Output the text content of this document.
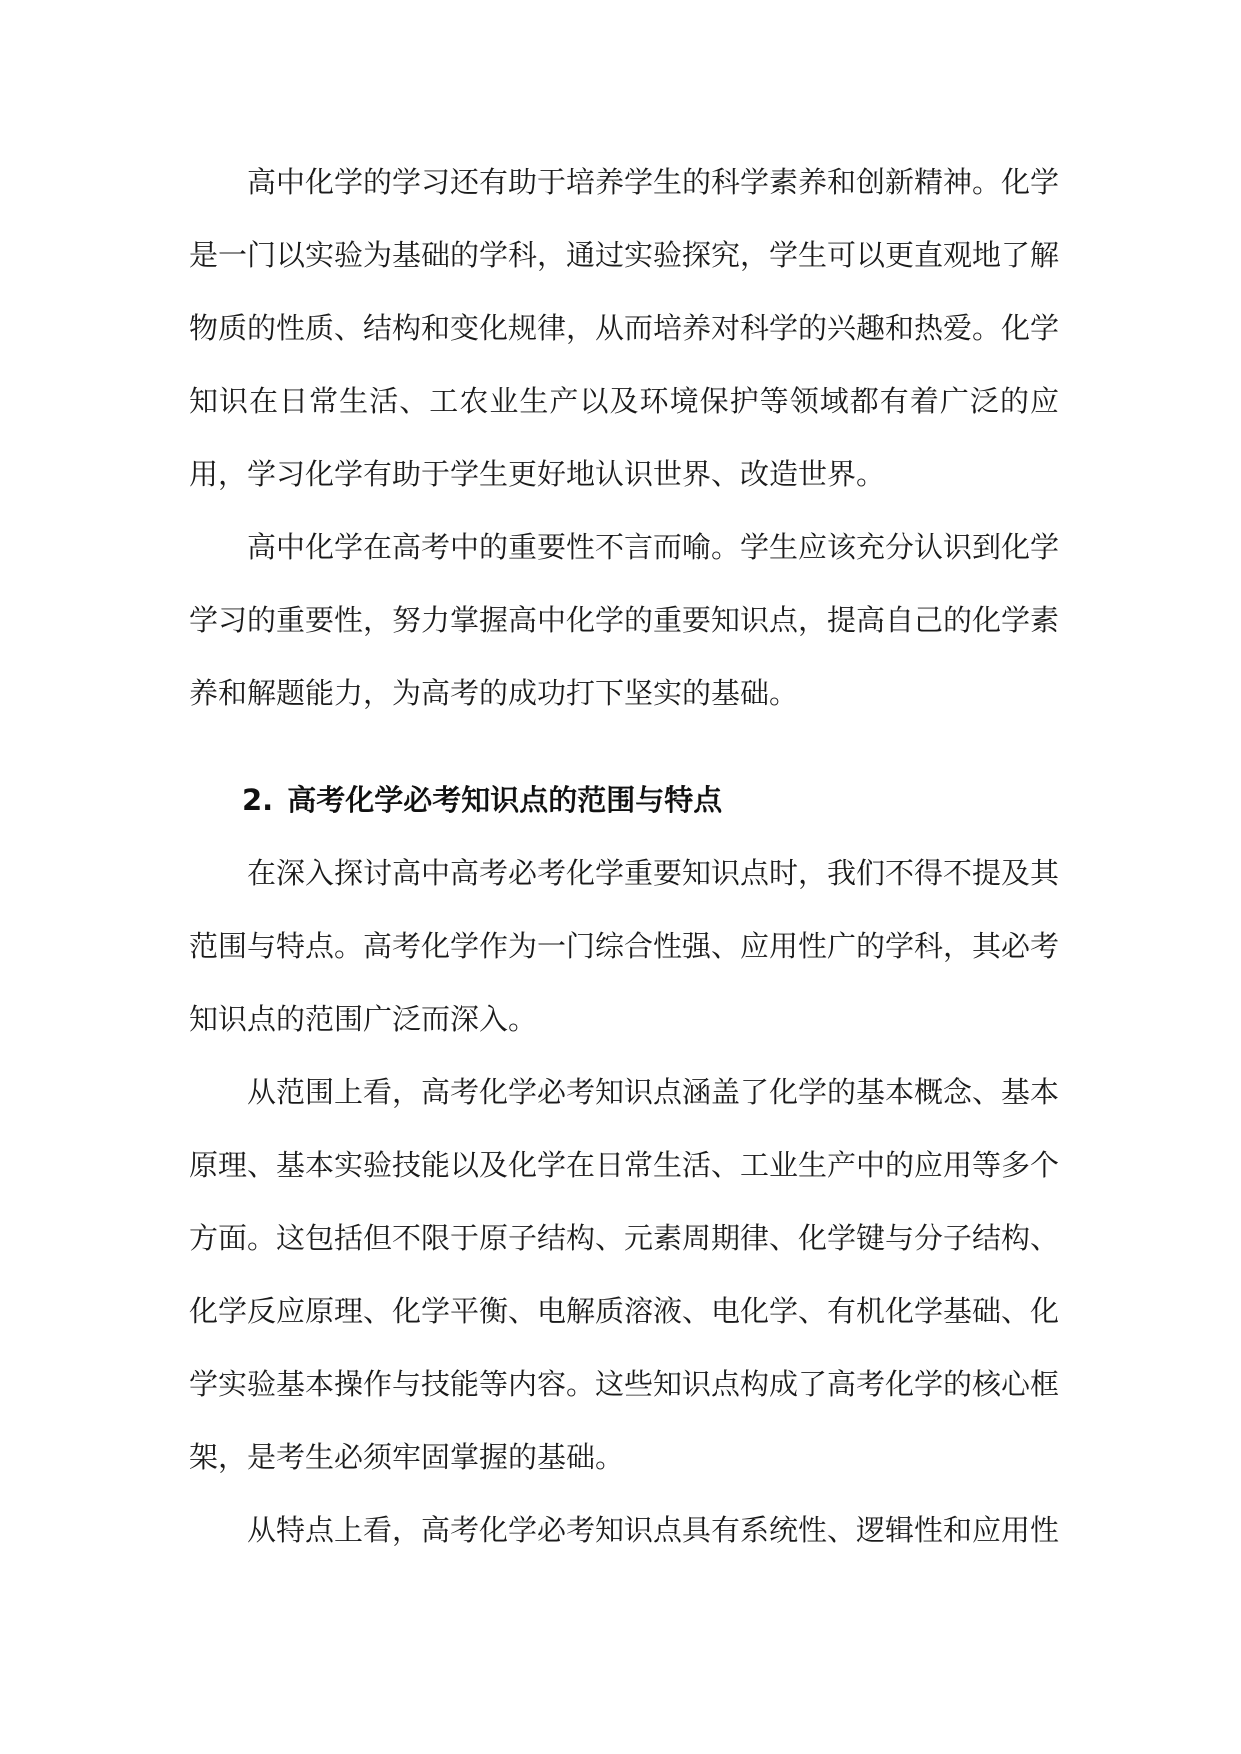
高中化学的学习还有助于培养学生的科学素养和创新精神。化学是一门以实验为基础的学科，通过实验探究，学生可以更直观地了解物质的性质、结构和变化规律，从而培养对科学的兴趣和热爱。化学知识在日常生活、工农业生产以及环境保护等领域都有着广泛的应用，学习化学有助于学生更好地认识世界、改造世界。

高中化学在高考中的重要性不言而喻。学生应该充分认识到化学学习的重要性，努力掌握高中化学的重要知识点，提高自己的化学素养和解题能力，为高考的成功打下坚实的基础。

2. 高考化学必考知识点的范围与特点

在深入探讨高中高考必考化学重要知识点时，我们不得不提及其范围与特点。高考化学作为一门综合性强、应用性广的学科，其必考知识点的范围广泛而深入。

从范围上看，高考化学必考知识点涵盖了化学的基本概念、基本原理、基本实验技能以及化学在日常生活、工业生产中的应用等多个方面。这包括但不限于原子结构、元素周期律、化学键与分子结构、化学反应原理、化学平衡、电解质溶液、电化学、有机化学基础、化学实验基本操作与技能等内容。这些知识点构成了高考化学的核心框架，是考生必须牢固掌握的基础。

从特点上看，高考化学必考知识点具有系统性、逻辑性和应用性
